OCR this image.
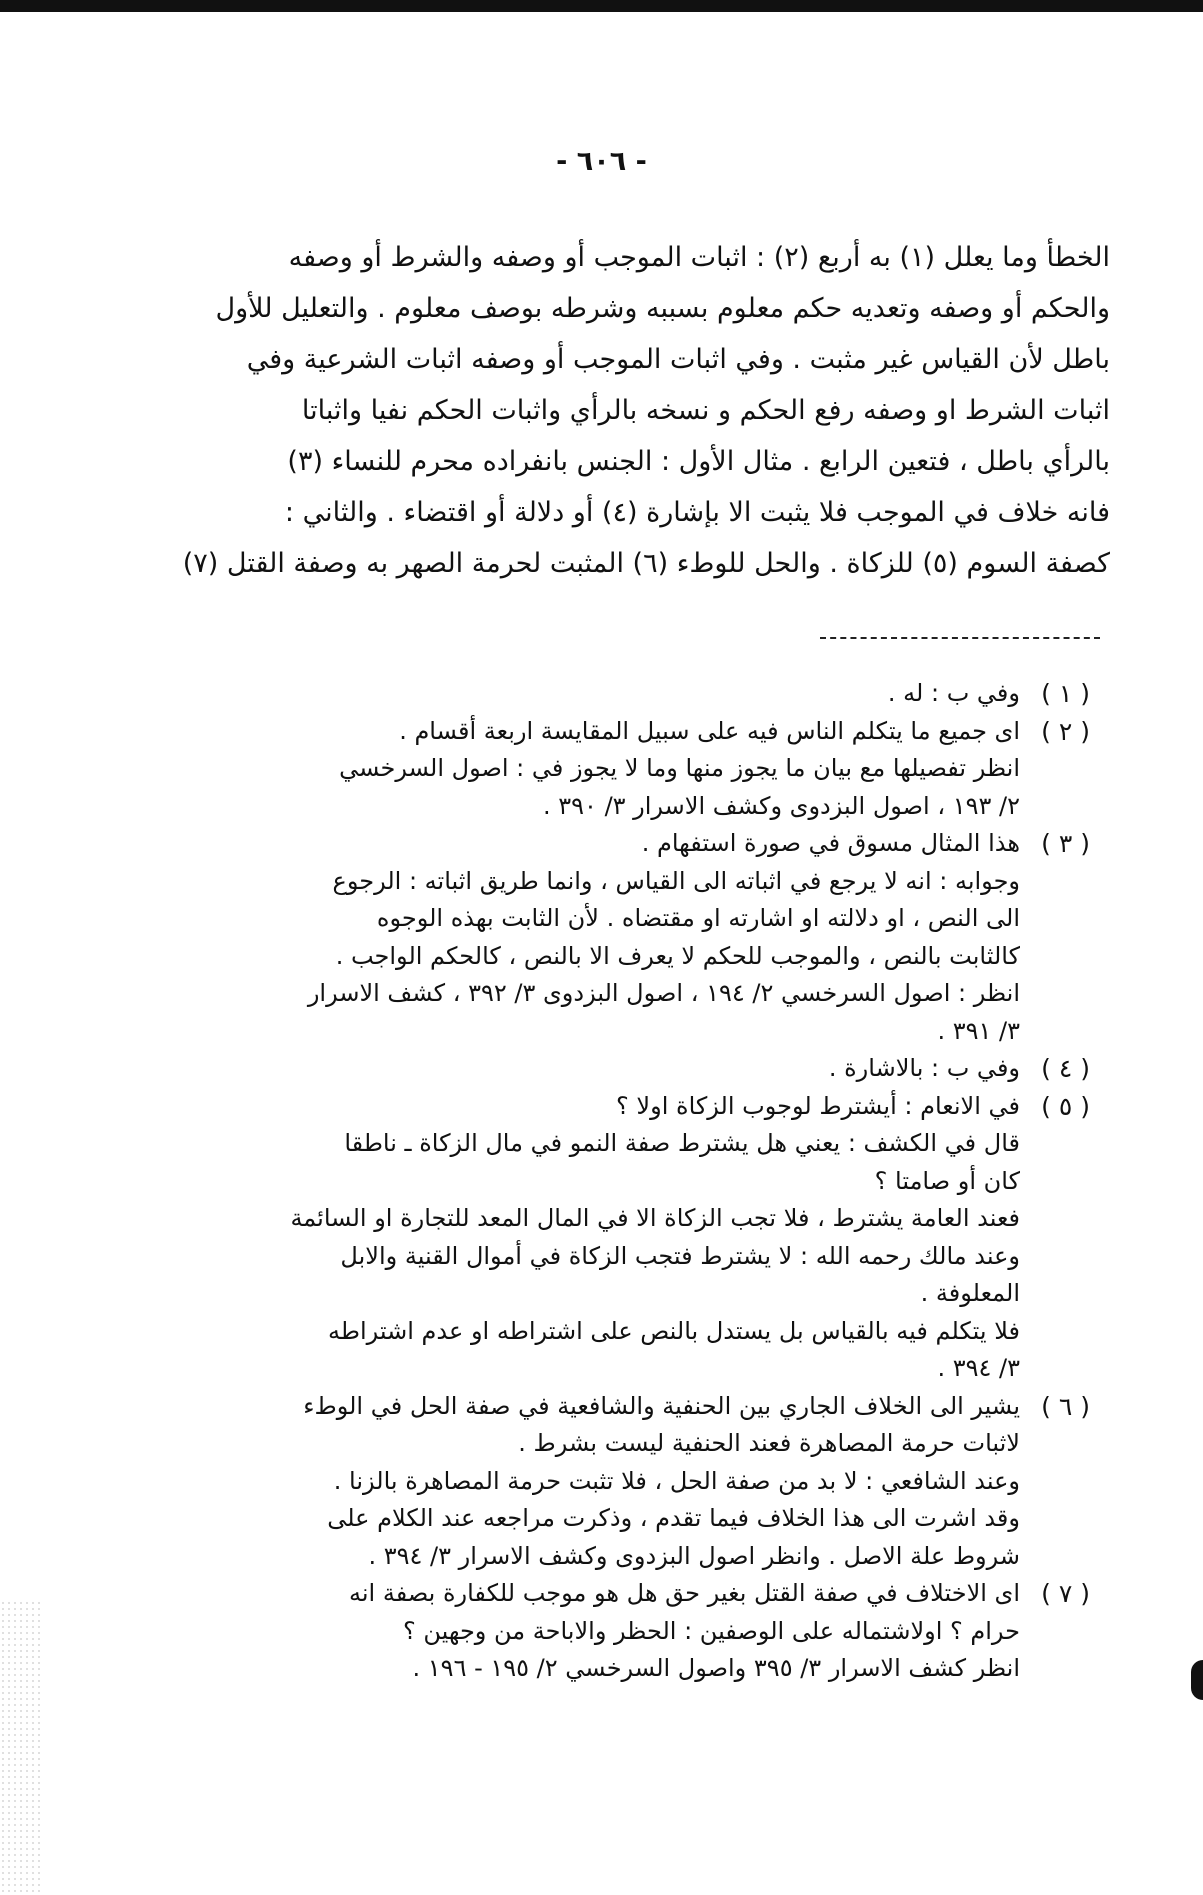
- ٦٠٦ -
الخطأ وما يعلل (١) به أربع (٢) : اثبات الموجب أو وصفه والشرط أو وصفه
والحكم أو وصفه وتعديه حكم معلوم بسببه وشرطه بوصف معلوم . والتعليل للأول
باطل لأن القياس غير مثبت . وفي اثبات الموجب أو وصفه اثبات الشرعية وفي
اثبات الشرط او وصفه رفع الحكم و نسخه بالرأي واثبات الحكم نفيا واثباتا
بالرأي باطل ، فتعين الرابع . مثال الأول : الجنس بانفراده محرم للنساء (٣)
فانه خلاف في الموجب فلا يثبت الا بإشارة (٤) أو دلالة أو اقتضاء . والثاني :
كصفة السوم (٥) للزكاة . والحل للوطء (٦) المثبت لحرمة الصهر به وصفة القتل (٧)
( ١ )
وفي ب : له .
( ٢ )
اى جميع ما يتكلم الناس فيه على سبيل المقايسة اربعة أقسام .
انظر تفصيلها مع بيان ما يجوز منها وما لا يجوز في : اصول السرخسي
٢/ ١٩٣ ، اصول البزدوى وكشف الاسرار ٣/ ٣٩٠ .
( ٣ )
هذا المثال مسوق في صورة استفهام .
وجوابه : انه لا يرجع في اثباته الى القياس ، وانما طريق اثباته : الرجوع
الى النص ، او دلالته او اشارته او مقتضاه . لأن الثابت بهذه الوجوه
كالثابت بالنص ، والموجب للحكم لا يعرف الا بالنص ، كالحكم الواجب .
انظر : اصول السرخسي ٢/ ١٩٤ ، اصول البزدوى ٣/ ٣٩٢ ، كشف الاسرار
٣/ ٣٩١ .
( ٤ )
وفي ب : بالاشارة .
( ٥ )
في الانعام : أيشترط لوجوب الزكاة اولا ؟
قال في الكشف : يعني هل يشترط صفة النمو في مال الزكاة ـ ناطقا
كان أو صامتا ؟
فعند العامة يشترط ، فلا تجب الزكاة الا في المال المعد للتجارة او السائمة
وعند مالك رحمه الله : لا يشترط فتجب الزكاة في أموال القنية والابل
المعلوفة .
فلا يتكلم فيه بالقياس بل يستدل بالنص على اشتراطه او عدم اشتراطه
٣/ ٣٩٤ .
( ٦ )
يشير الى الخلاف الجاري بين الحنفية والشافعية في صفة الحل في الوطء
لاثبات حرمة المصاهرة فعند الحنفية ليست بشرط .
وعند الشافعي : لا بد من صفة الحل ، فلا تثبت حرمة المصاهرة بالزنا .
وقد اشرت الى هذا الخلاف فيما تقدم ، وذكرت مراجعه عند الكلام على
شروط علة الاصل . وانظر اصول البزدوى وكشف الاسرار ٣/ ٣٩٤ .
( ٧ )
اى الاختلاف في صفة القتل بغير حق هل هو موجب للكفارة بصفة انه
حرام ؟ اولاشتماله على الوصفين : الحظر والاباحة من وجهين ؟
انظر كشف الاسرار ٣/ ٣٩٥ واصول السرخسي ٢/ ١٩٥ - ١٩٦ .
